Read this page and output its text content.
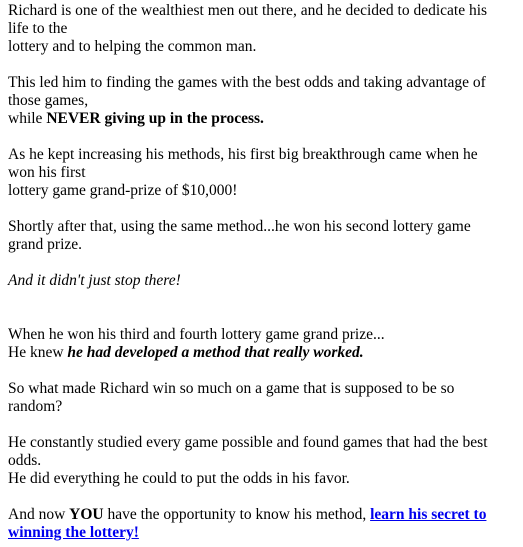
Richard is one of the wealthiest men out there, and he decided to dedicate his life to the
lottery and to helping the common man.

This led him to finding the games with the best odds and taking advantage of those games,
while NEVER giving up in the process.

As he kept increasing his methods, his first big breakthrough came when he won his first
lottery game grand-prize of $10,000!

Shortly after that, using the same method...he won his second lottery game grand prize.

And it didn't just stop there!

When he won his third and fourth lottery game grand prize...
He knew he had developed a method that really worked.

So what made Richard win so much on a game that is supposed to be so random?

He constantly studied every game possible and found games that had the best odds.
He did everything he could to put the odds in his favor.

And now YOU have the opportunity to know his method, learn his secret to winning the lottery!
